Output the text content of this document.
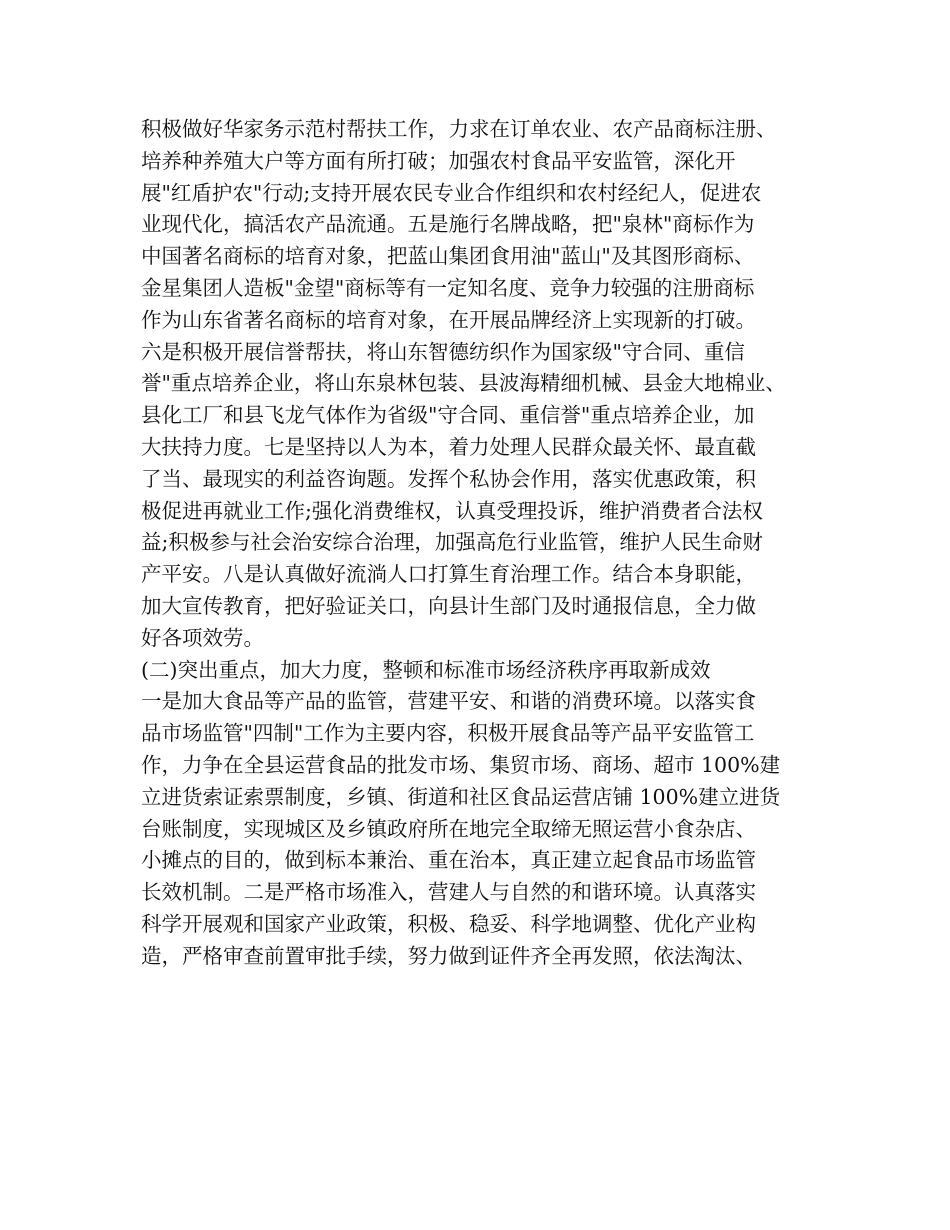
积极做好华家务示范村帮扶工作，力求在订单农业、农产品商标注册、
培养种养殖大户等方面有所打破；加强农村食品平安监管，深化开
展"红盾护农"行动;支持开展农民专业合作组织和农村经纪人，促进农
业现代化，搞活农产品流通。五是施行名牌战略，把"泉林"商标作为
中国著名商标的培育对象，把蓝山集团食用油"蓝山"及其图形商标、
金星集团人造板"金望"商标等有一定知名度、竞争力较强的注册商标
作为山东省著名商标的培育对象，在开展品牌经济上实现新的打破。
六是积极开展信誉帮扶，将山东智德纺织作为国家级"守合同、重信
誉"重点培养企业，将山东泉林包装、县波海精细机械、县金大地棉业、
县化工厂和县飞龙气体作为省级"守合同、重信誉"重点培养企业，加
大扶持力度。七是坚持以人为本，着力处理人民群众最关怀、最直截
了当、最现实的利益咨询题。发挥个私协会作用，落实优惠政策，积
极促进再就业工作;强化消费维权，认真受理投诉，维护消费者合法权
益;积极参与社会治安综合治理，加强高危行业监管，维护人民生命财
产平安。八是认真做好流淌人口打算生育治理工作。结合本身职能，
加大宣传教育，把好验证关口，向县计生部门及时通报信息，全力做
好各项效劳。
(二)突出重点，加大力度，整顿和标准市场经济秩序再取新成效
一是加大食品等产品的监管，营建平安、和谐的消费环境。以落实食
品市场监管"四制"工作为主要内容，积极开展食品等产品平安监管工
作，力争在全县运营食品的批发市场、集贸市场、商场、超市 100%建
立进货索证索票制度，乡镇、街道和社区食品运营店铺 100%建立进货
台账制度，实现城区及乡镇政府所在地完全取缔无照运营小食杂店、
小摊点的目的，做到标本兼治、重在治本，真正建立起食品市场监管
长效机制。二是严格市场准入，营建人与自然的和谐环境。认真落实
科学开展观和国家产业政策，积极、稳妥、科学地调整、优化产业构
造，严格审查前置审批手续，努力做到证件齐全再发照，依法淘汰、
